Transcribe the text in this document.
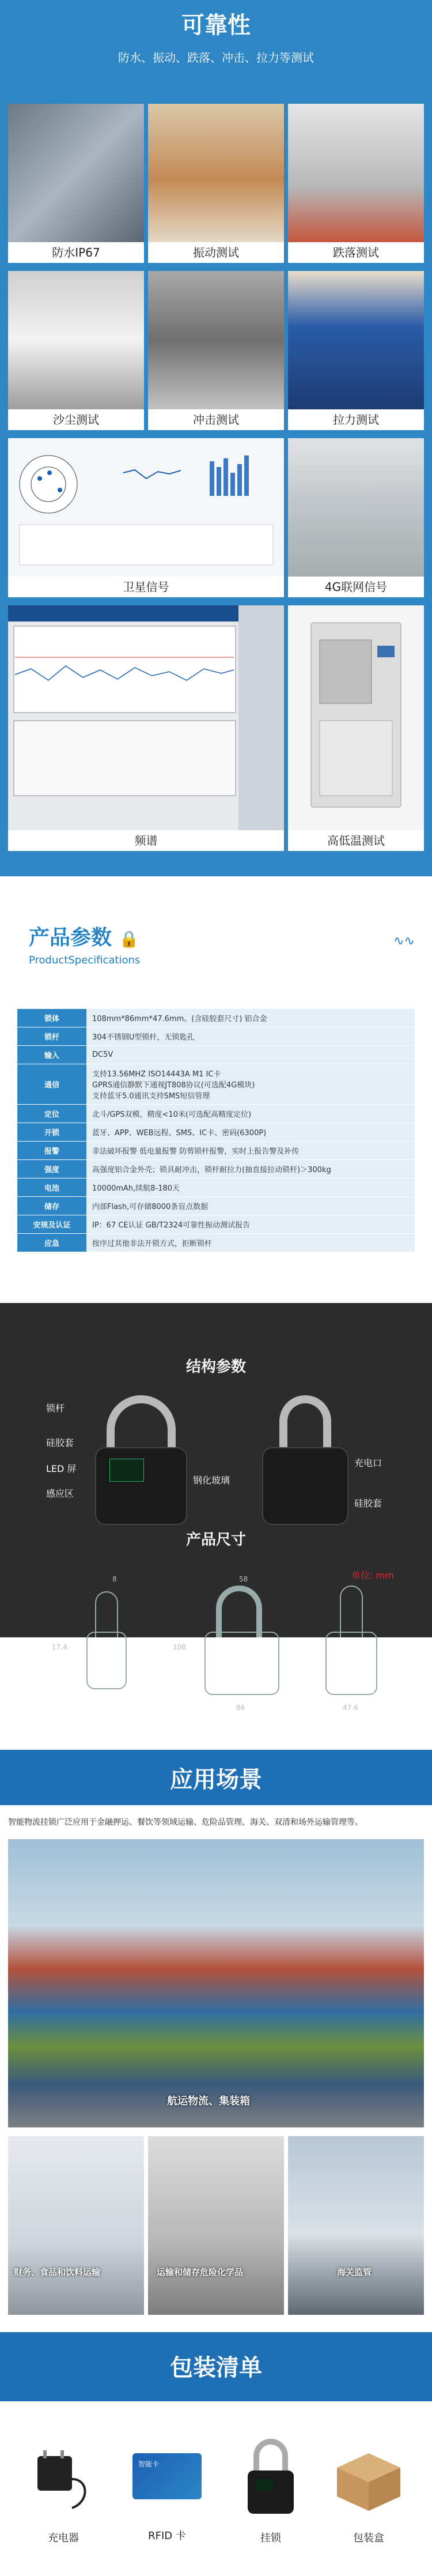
可靠性
防水、振动、跌落、冲击、拉力等测试
防水IP67	振动测试	跌落测试
沙尘测试	冲击测试	拉力测试
卫星信号	4G联网信号
频谱	高低温测试
产品参数 🔒
ProductSpecifications
∿∿
锁体	108mm*86mm*47.6mm。(含硅胶套尺寸) 铝合金
锁杆	304不锈钢U型锁杆，无锁匙孔
输入	DC5V
通信	支持13.56MHZ ISO14443A M1 IC卡
GPRS通信静默下通视JT808协议(可选配4G模块)
支持蓝牙5.0通讯支持SMS短信管理
定位	北斗/GPS双模，精度<10米(可选配高精度定位)
开锁	蓝牙、APP、WEB远程、SMS、IC卡、密码(6300P)
报警	非法破坏报警 低电量报警 防剪锁杆报警，实时上报告警及补传
强度	高强度铝合金外壳；锁具耐冲击，锁杆耐拉力(抽直接拉动锁杆)＞300kg
电池	10000mAh,续航8-180天
储存	内部Flash,可存储8000条盲点数据
安规及认证	IP：67 CE认证 GB/T2324可靠性振动测试报告
应急	按序过其他非法开锁方式，拒断锁杆
结构参数
锁杆
硅胶套
LED 屏
感应区
钢化玻璃
充电口
硅胶套
产品尺寸
单位: mm
8	58
17.4	108
86	47.6
应用场景
智能物流挂锁广泛应用于金融押运、餐饮等领域运输、危险品管理、海关、双清和场外运输管理等。
航运物流、集装箱
财务、食品和饮料运输	运输和储存危险化学品	海关监管
包装清单
充电器
智能卡
RFID 卡	挂锁	包装盒
